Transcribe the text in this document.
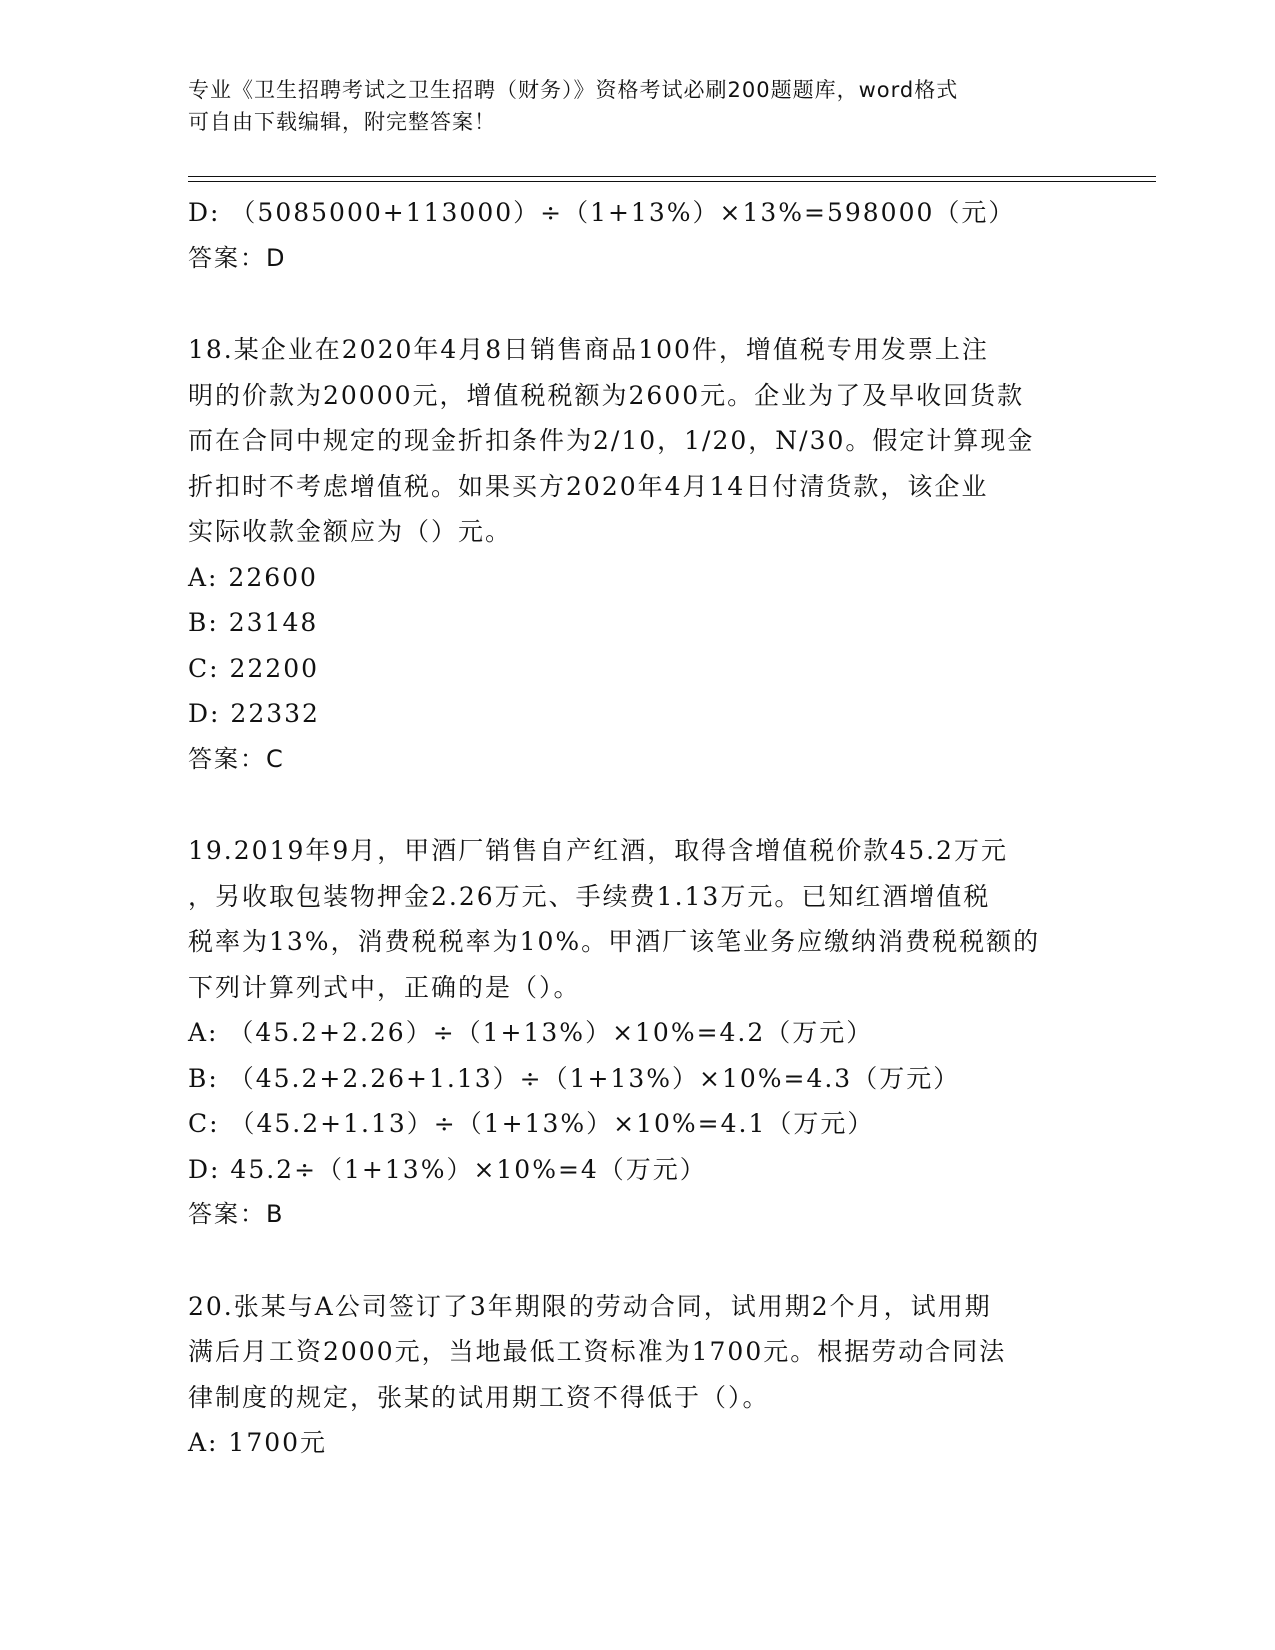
专业《卫生招聘考试之卫生招聘（财务）》资格考试必刷200题题库，word格式
可自由下载编辑，附完整答案！
D: （5085000+113000）÷（1+13%）×13%=598000（元）
答案：D
18.某企业在2020年4月8日销售商品100件，增值税专用发票上注
明的价款为20000元，增值税税额为2600元。企业为了及早收回货款
而在合同中规定的现金折扣条件为2/10，1/20，N/30。假定计算现金
折扣时不考虑增值税。如果买方2020年4月14日付清货款，该企业
实际收款金额应为（）元。
A: 22600
B: 23148
C: 22200
D: 22332
答案：C
19.2019年9月，甲酒厂销售自产红酒，取得含增值税价款45.2万元
，另收取包装物押金2.26万元、手续费1.13万元。已知红酒增值税
税率为13%，消费税税率为10%。甲酒厂该笔业务应缴纳消费税税额的
下列计算列式中，正确的是（）。
A: （45.2+2.26）÷（1+13%）×10%=4.2（万元）
B: （45.2+2.26+1.13）÷（1+13%）×10%=4.3（万元）
C: （45.2+1.13）÷（1+13%）×10%=4.1（万元）
D: 45.2÷（1+13%）×10%=4（万元）
答案：B
20.张某与A公司签订了3年期限的劳动合同，试用期2个月，试用期
满后月工资2000元，当地最低工资标准为1700元。根据劳动合同法
律制度的规定，张某的试用期工资不得低于（）。
A: 1700元
